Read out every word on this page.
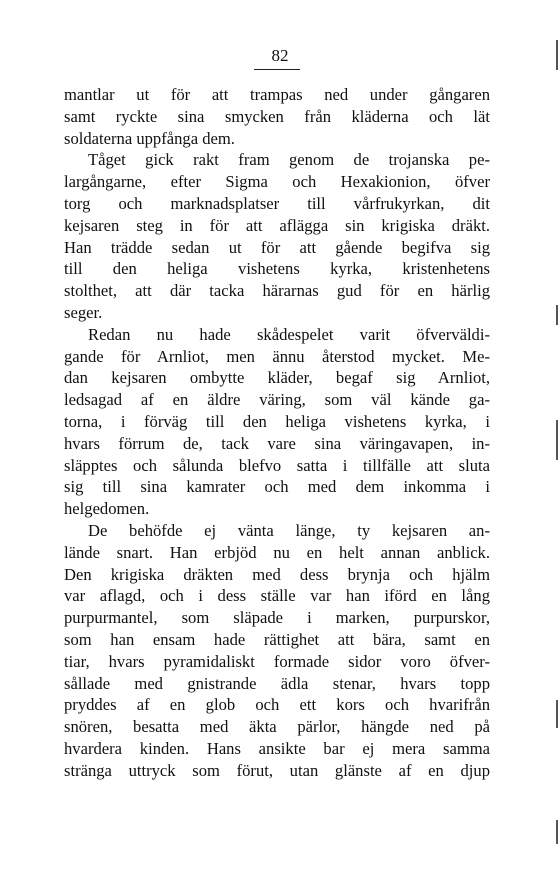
82

mantlar ut för att trampas ned under gångaren
samt ryckte sina smycken från kläderna och lät
soldaterna uppfånga dem.

Tåget gick rakt fram genom de trojanska pe-
largångarne, efter Sigma och Hexakionion, öfver
torg och marknadsplatser till vårfrukyrkan, dit
kejsaren steg in för att aflägga sin krigiska dräkt.
Han trädde sedan ut för att gående begifva sig
till den heliga vishetens kyrka, kristenhetens
stolthet, att där tacka härarnas gud för en härlig
seger.

Redan nu hade skådespelet varit öfverväldi-
gande för Arnliot, men ännu återstod mycket. Me-
dan kejsaren ombytte kläder, begaf sig Arnliot,
ledsagad af en äldre väring, som väl kände ga-
torna, i förväg till den heliga vishetens kyrka, i
hvars förrum de, tack vare sina väringavapen, in-
släpptes och sålunda blefvo satta i tillfälle att sluta
sig till sina kamrater och med dem inkomma i
helgedomen.

De behöfde ej vänta länge, ty kejsaren an-
lände snart. Han erbjöd nu en helt annan anblick.
Den krigiska dräkten med dess brynja och hjälm
var aflagd, och i dess ställe var han iförd en lång
purpurmantel, som släpade i marken, purpurskor,
som han ensam hade rättighet att bära, samt en
tiar, hvars pyramidaliskt formade sidor voro öfver-
sållade med gnistrande ädla stenar, hvars topp
pryddes af en glob och ett kors och hvarifrån
snören, besatta med äkta pärlor, hängde ned på
hvardera kinden. Hans ansikte bar ej mera samma
stränga uttryck som förut, utan glänste af en djup
